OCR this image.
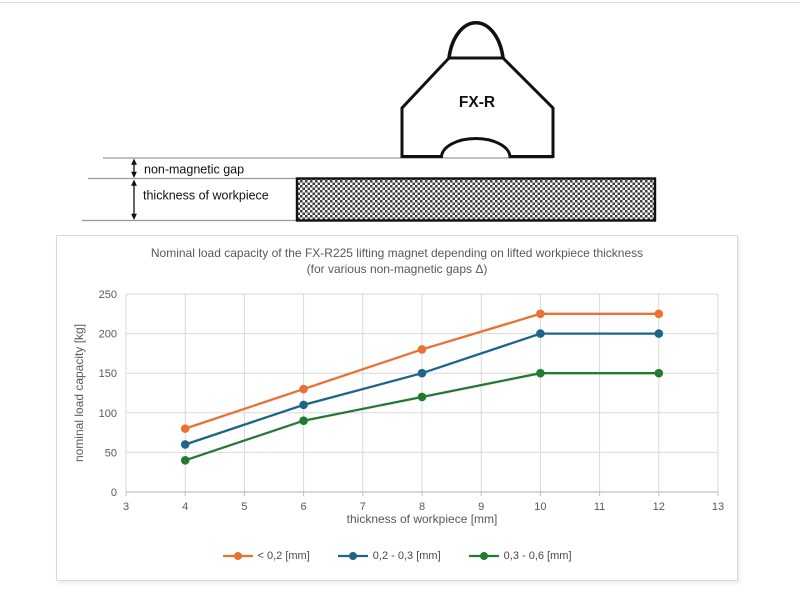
non-magnetic gap
thickness of workpiece
FX-R
Nominal load capacity of the FX-R225 lifting magnet depending on lifted workpiece thickness
(for various non-magnetic gaps Δ)
3	4	5	6	7	8	9	10	11	12	13
0
50
100
150
200
250
nominal load capacity [kg]
thickness of workpiece [mm]
< 0,2 [mm]	0,2 - 0,3 [mm]	0,3 - 0,6 [mm]
